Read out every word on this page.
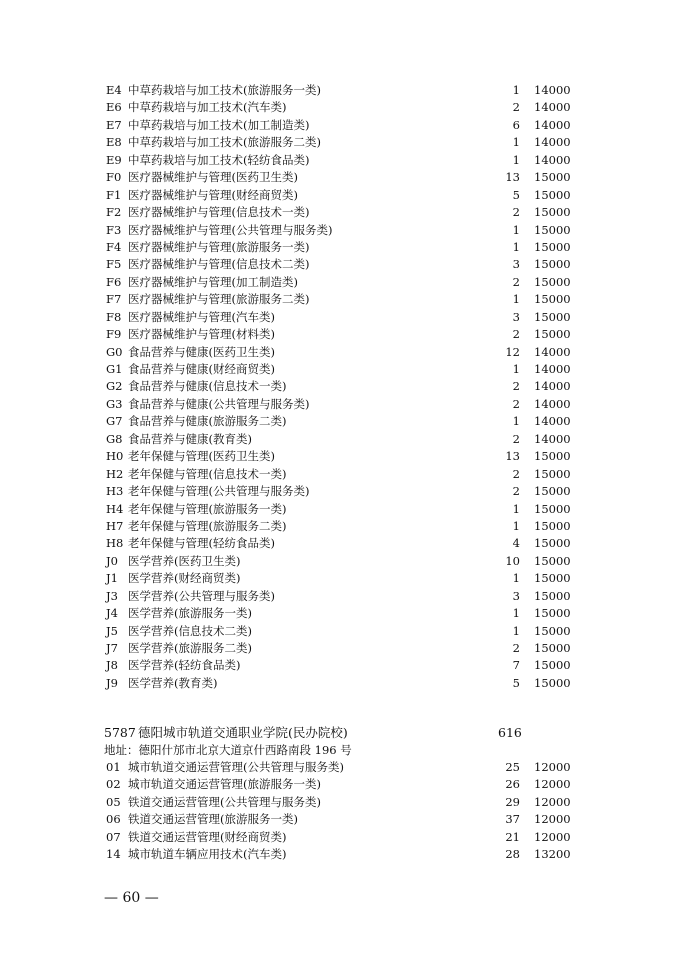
E4 中草药栽培与加工技术(旅游服务一类)	1 14000
E6 中草药栽培与加工技术(汽车类)	2 14000
E7 中草药栽培与加工技术(加工制造类)	6 14000
E8 中草药栽培与加工技术(旅游服务二类)	1 14000
E9 中草药栽培与加工技术(轻纺食品类)	1 14000
F0 医疗器械维护与管理(医药卫生类)	13 15000
F1 医疗器械维护与管理(财经商贸类)	5 15000
F2 医疗器械维护与管理(信息技术一类)	2 15000
F3 医疗器械维护与管理(公共管理与服务类)	1 15000
F4 医疗器械维护与管理(旅游服务一类)	1 15000
F5 医疗器械维护与管理(信息技术二类)	3 15000
F6 医疗器械维护与管理(加工制造类)	2 15000
F7 医疗器械维护与管理(旅游服务二类)	1 15000
F8 医疗器械维护与管理(汽车类)	3 15000
F9 医疗器械维护与管理(材料类)	2 15000
G0 食品营养与健康(医药卫生类)	12 14000
G1 食品营养与健康(财经商贸类)	1 14000
G2 食品营养与健康(信息技术一类)	2 14000
G3 食品营养与健康(公共管理与服务类)	2 14000
G7 食品营养与健康(旅游服务二类)	1 14000
G8 食品营养与健康(教育类)	2 14000
H0 老年保健与管理(医药卫生类)	13 15000
H2 老年保健与管理(信息技术一类)	2 15000
H3 老年保健与管理(公共管理与服务类)	2 15000
H4 老年保健与管理(旅游服务一类)	1 15000
H7 老年保健与管理(旅游服务二类)	1 15000
H8 老年保健与管理(轻纺食品类)	4 15000
J0 医学营养(医药卫生类)	10 15000
J1 医学营养(财经商贸类)	1 15000
J3 医学营养(公共管理与服务类)	3 15000
J4 医学营养(旅游服务一类)	1 15000
J5 医学营养(信息技术二类)	1 15000
J7 医学营养(旅游服务二类)	2 15000
J8 医学营养(轻纺食品类)	7 15000
J9 医学营养(教育类)	5 15000
5787 德阳城市轨道交通职业学院(民办院校)	616
地址：德阳什邡市北京大道京什西路南段 196 号
01 城市轨道交通运营管理(公共管理与服务类)	25 12000
02 城市轨道交通运营管理(旅游服务一类)	26 12000
05 铁道交通运营管理(公共管理与服务类)	29 12000
06 铁道交通运营管理(旅游服务一类)	37 12000
07 铁道交通运营管理(财经商贸类)	21 12000
14 城市轨道车辆应用技术(汽车类)	28 13200
— 60 —
